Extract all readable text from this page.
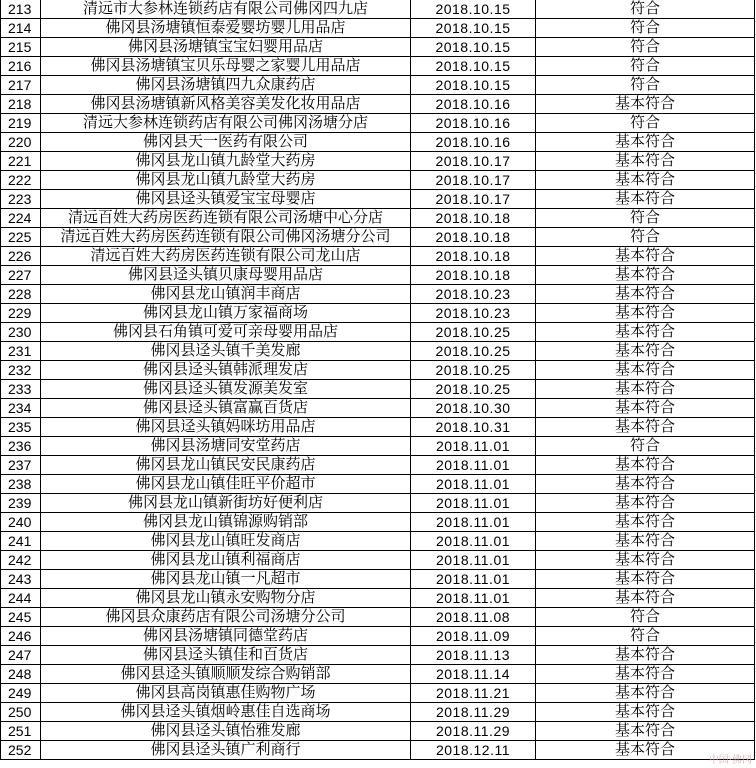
213	清远市大参林连锁药店有限公司佛冈四九店	2018.10.15	符合
214	佛冈县汤塘镇恒泰爱婴坊婴儿用品店	2018.10.15	符合
215	佛冈县汤塘镇宝宝妇婴用品店	2018.10.15	符合
216	佛冈县汤塘镇宝贝乐母婴之家婴儿用品店	2018.10.15	符合
217	佛冈县汤塘镇四九众康药店	2018.10.15	符合
218	佛冈县汤塘镇新风格美容美发化妆用品店	2018.10.16	基本符合
219	清远大参林连锁药店有限公司佛冈汤塘分店	2018.10.16	符合
220	佛冈县天一医药有限公司	2018.10.16	基本符合
221	佛冈县龙山镇九龄堂大药房	2018.10.17	基本符合
222	佛冈县龙山镇九龄堂大药房	2018.10.17	基本符合
223	佛冈县迳头镇爱宝宝母婴店	2018.10.17	基本符合
224	清远百姓大药房医药连锁有限公司汤塘中心分店	2018.10.18	符合
225	清远百姓大药房医药连锁有限公司佛冈汤塘分公司	2018.10.18	符合
226	清远百姓大药房医药连锁有限公司龙山店	2018.10.18	基本符合
227	佛冈县迳头镇贝康母婴用品店	2018.10.18	基本符合
228	佛冈县龙山镇润丰商店	2018.10.23	基本符合
229	佛冈县龙山镇万家福商场	2018.10.23	基本符合
230	佛冈县石角镇可爱可亲母婴用品店	2018.10.25	基本符合
231	佛冈县迳头镇千美发廊	2018.10.25	基本符合
232	佛冈县迳头镇韩派理发店	2018.10.25	基本符合
233	佛冈县迳头镇发源美发室	2018.10.25	基本符合
234	佛冈县迳头镇富赢百货店	2018.10.30	基本符合
235	佛冈县迳头镇妈咪坊用品店	2018.10.31	基本符合
236	佛冈县汤塘同安堂药店	2018.11.01	符合
237	佛冈县龙山镇民安民康药店	2018.11.01	基本符合
238	佛冈县龙山镇佳旺平价超市	2018.11.01	基本符合
239	佛冈县龙山镇新街坊好便利店	2018.11.01	基本符合
240	佛冈县龙山镇锦源购销部	2018.11.01	基本符合
241	佛冈县龙山镇旺发商店	2018.11.01	基本符合
242	佛冈县龙山镇利福商店	2018.11.01	基本符合
243	佛冈县龙山镇一凡超市	2018.11.01	基本符合
244	佛冈县龙山镇永安购物分店	2018.11.01	基本符合
245	佛冈县众康药店有限公司汤塘分公司	2018.11.08	符合
246	佛冈县汤塘镇同德堂药店	2018.11.09	符合
247	佛冈县迳头镇佳和百货店	2018.11.13	基本符合
248	佛冈县迳头镇顺顺发综合购销部	2018.11.14	基本符合
249	佛冈县高岗镇惠佳购物广场	2018.11.21	基本符合
250	佛冈县迳头镇烟岭惠佳自选商场	2018.11.29	基本符合
251	佛冈县迳头镇怡雅发廊	2018.11.29	基本符合
252	佛冈县迳头镇广利商行	2018.12.11	基本符合
中国·佛冈
